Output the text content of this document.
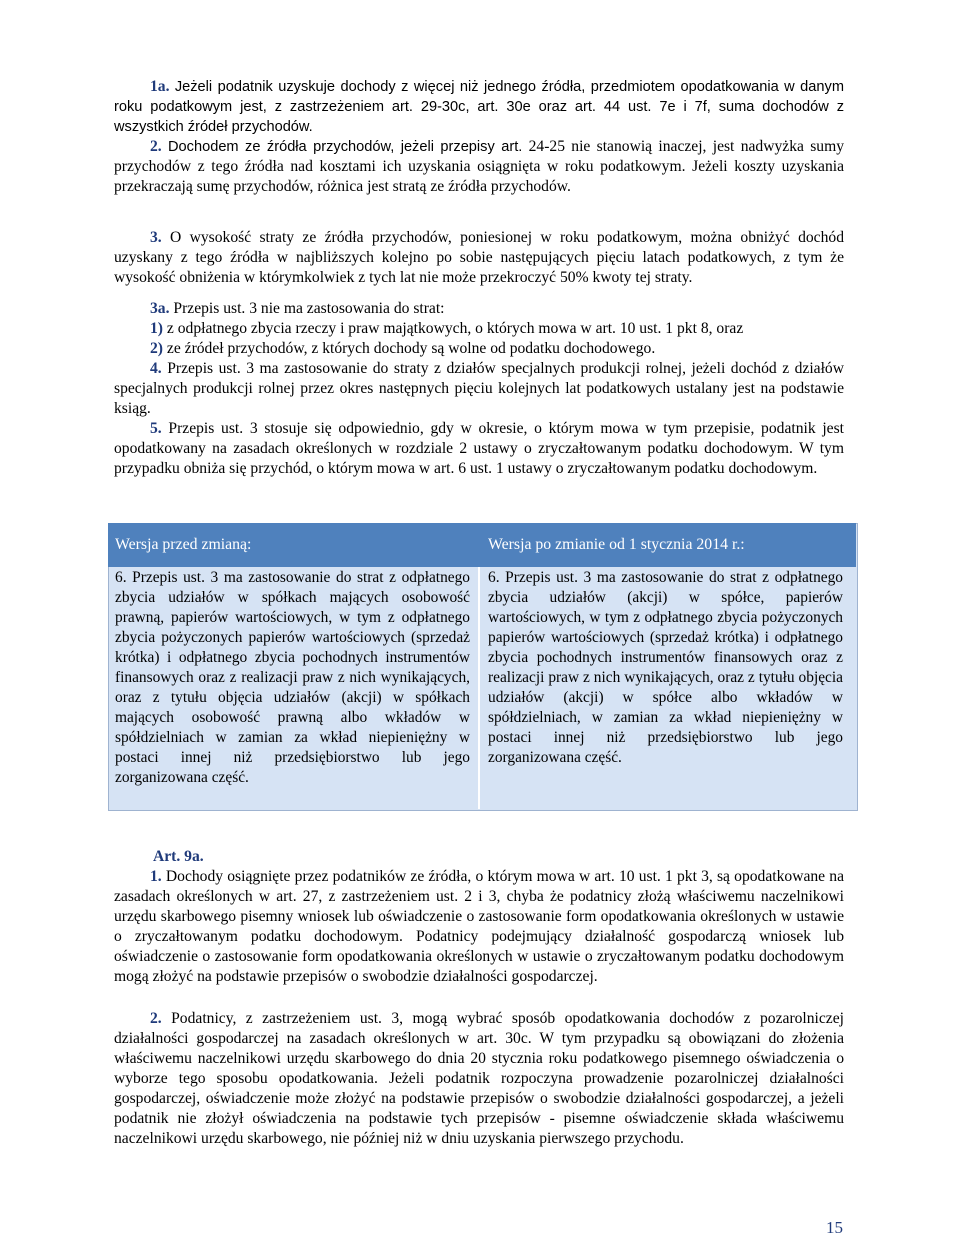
1a. Jeżeli podatnik uzyskuje dochody z więcej niż jednego źródła, przedmiotem opodatkowania w danym roku podatkowym jest, z zastrzeżeniem art. 29-30c, art. 30e oraz art. 44 ust. 7e i 7f, suma dochodów z wszystkich źródeł przychodów.

2. Dochodem ze źródła przychodów, jeżeli przepisy art. 24-25 nie stanowią inaczej, jest nadwyżka sumy przychodów z tego źródła nad kosztami ich uzyskania osiągnięta w roku podatkowym. Jeżeli koszty uzyskania przekraczają sumę przychodów, różnica jest stratą ze źródła przychodów.

3. O wysokość straty ze źródła przychodów, poniesionej w roku podatkowym, można obniżyć dochód uzyskany z tego źródła w najbliższych kolejno po sobie następujących pięciu latach podatkowych, z tym że wysokość obniżenia w którymkolwiek z tych lat nie może przekroczyć 50% kwoty tej straty.

3a. Przepis ust. 3 nie ma zastosowania do strat:

1) z odpłatnego zbycia rzeczy i praw majątkowych, o których mowa w art. 10 ust. 1 pkt 8, oraz

2) ze źródeł przychodów, z których dochody są wolne od podatku dochodowego.

4. Przepis ust. 3 ma zastosowanie do straty z działów specjalnych produkcji rolnej, jeżeli dochód z działów specjalnych produkcji rolnej przez okres następnych pięciu kolejnych lat podatkowych ustalany jest na podstawie ksiąg.

5. Przepis ust. 3 stosuje się odpowiednio, gdy w okresie, o którym mowa w tym przepisie, podatnik jest opodatkowany na zasadach określonych w rozdziale 2 ustawy o zryczałtowanym podatku dochodowym. W tym przypadku obniża się przychód, o którym mowa w art. 6 ust. 1 ustawy o zryczałtowanym podatku dochodowym.

Wersja przed zmianą:	Wersja po zmianie od 1 stycznia 2014 r.:
6. Przepis ust. 3 ma zastosowanie do strat z odpłatnego zbycia udziałów w spółkach mających osobowość prawną, papierów wartościowych, w tym z odpłatnego zbycia pożyczonych papierów wartościowych (sprzedaż krótka) i odpłatnego zbycia pochodnych instrumentów finansowych oraz z realizacji praw z nich wynikających, oraz z tytułu objęcia udziałów (akcji) w spółkach mających osobowość prawną albo wkładów w spółdzielniach w zamian za wkład niepieniężny w postaci innej niż przedsiębiorstwo lub jego zorganizowana część.
6. Przepis ust. 3 ma zastosowanie do strat z odpłatnego zbycia udziałów (akcji) w spółce, papierów wartościowych, w tym z odpłatnego zbycia pożyczonych papierów wartościowych (sprzedaż krótka) i odpłatnego zbycia pochodnych instrumentów finansowych oraz z realizacji praw z nich wynikających, oraz z tytułu objęcia udziałów (akcji) w spółce albo wkładów w spółdzielniach, w zamian za wkład niepieniężny w postaci innej niż przedsiębiorstwo lub jego zorganizowana część.
Art. 9a.

1. Dochody osiągnięte przez podatników ze źródła, o którym mowa w art. 10 ust. 1 pkt 3, są opodatkowane na zasadach określonych w art. 27, z zastrzeżeniem ust. 2 i 3, chyba że podatnicy złożą właściwemu naczelnikowi urzędu skarbowego pisemny wniosek lub oświadczenie o zastosowanie form opodatkowania określonych w ustawie o zryczałtowanym podatku dochodowym. Podatnicy podejmujący działalność gospodarczą wniosek lub oświadczenie o zastosowanie form opodatkowania określonych w ustawie o zryczałtowanym podatku dochodowym mogą złożyć na podstawie przepisów o swobodzie działalności gospodarczej.

2. Podatnicy, z zastrzeżeniem ust. 3, mogą wybrać sposób opodatkowania dochodów z pozarolniczej działalności gospodarczej na zasadach określonych w art. 30c. W tym przypadku są obowiązani do złożenia właściwemu naczelnikowi urzędu skarbowego do dnia 20 stycznia roku podatkowego pisemnego oświadczenia o wyborze tego sposobu opodatkowania. Jeżeli podatnik rozpoczyna prowadzenie pozarolniczej działalności gospodarczej, oświadczenie może złożyć na podstawie przepisów o swobodzie działalności gospodarczej, a jeżeli podatnik nie złożył oświadczenia na podstawie tych przepisów - pisemne oświadczenie składa właściwemu naczelnikowi urzędu skarbowego, nie później niż w dniu uzyskania pierwszego przychodu.

15
